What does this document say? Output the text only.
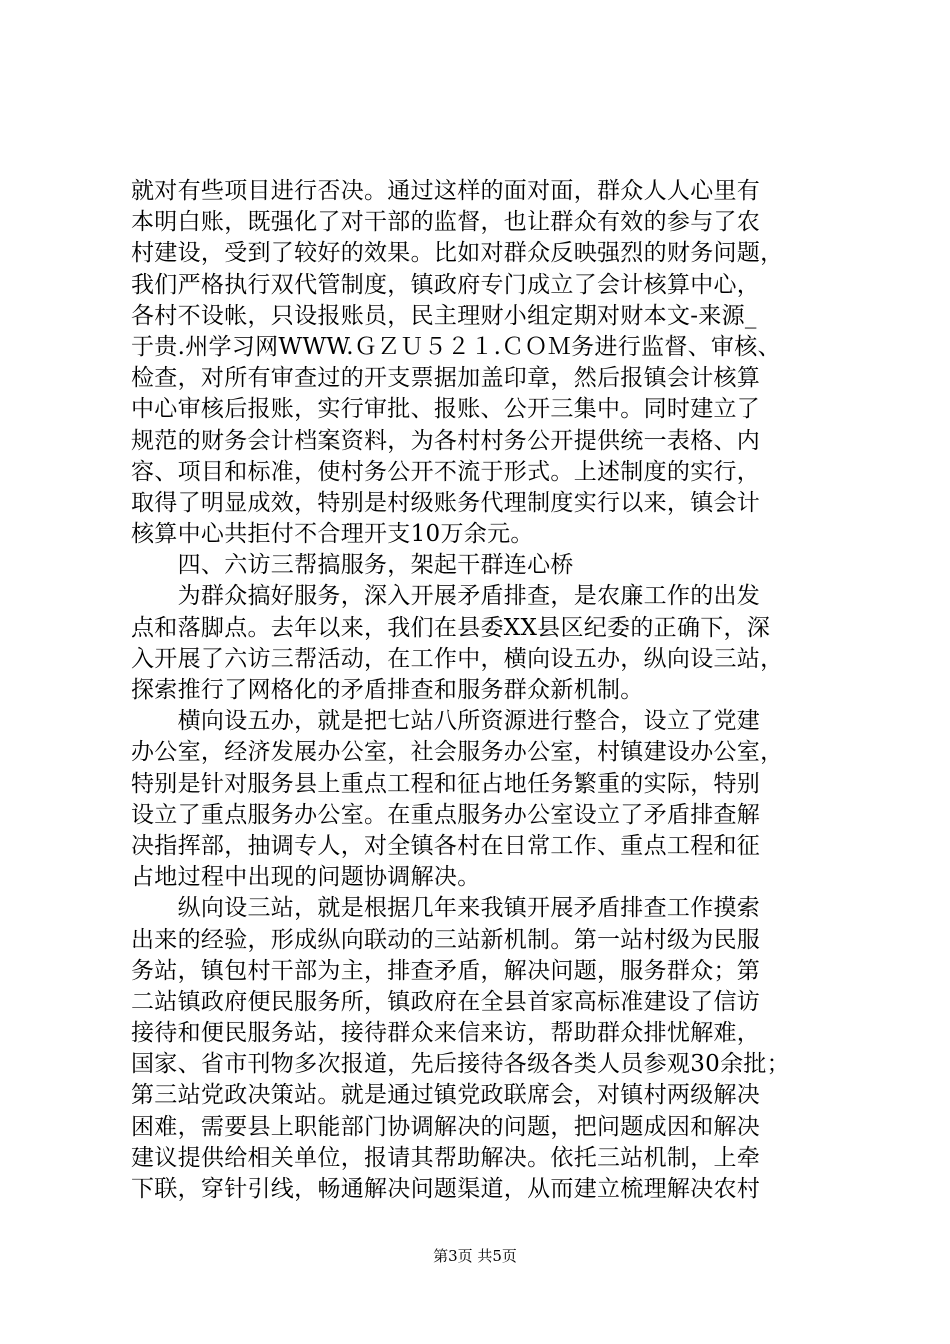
就对有些项目进行否决。通过这样的面对面，群众人人心里有
本明白账，既强化了对干部的监督，也让群众有效的参与了农
村建设，受到了较好的效果。比如对群众反映强烈的财务问题，
我们严格执行双代管制度，镇政府专门成立了会计核算中心，
各村不设帐，只设报账员，民主理财小组定期对财本文-来源_
于贵.州学习网WWW.ＧＺＵ５２１.ＣＯＭ务进行监督、审核、
检查，对所有审查过的开支票据加盖印章，然后报镇会计核算
中心审核后报账，实行审批、报账、公开三集中。同时建立了
规范的财务会计档案资料，为各村村务公开提供统一表格、内
容、项目和标准，使村务公开不流于形式。上述制度的实行，
取得了明显成效，特别是村级账务代理制度实行以来，镇会计
核算中心共拒付不合理开支10万余元。
　　四、六访三帮搞服务，架起干群连心桥
　　为群众搞好服务，深入开展矛盾排查，是农廉工作的出发
点和落脚点。去年以来，我们在县委XX县区纪委的正确下，深
入开展了六访三帮活动，在工作中，横向设五办，纵向设三站，
探索推行了网格化的矛盾排查和服务群众新机制。
　　横向设五办，就是把七站八所资源进行整合，设立了党建
办公室，经济发展办公室，社会服务办公室，村镇建设办公室，
特别是针对服务县上重点工程和征占地任务繁重的实际，特别
设立了重点服务办公室。在重点服务办公室设立了矛盾排查解
决指挥部，抽调专人，对全镇各村在日常工作、重点工程和征
占地过程中出现的问题协调解决。
　　纵向设三站，就是根据几年来我镇开展矛盾排查工作摸索
出来的经验，形成纵向联动的三站新机制。第一站村级为民服
务站，镇包村干部为主，排查矛盾，解决问题，服务群众；第
二站镇政府便民服务所，镇政府在全县首家高标准建设了信访
接待和便民服务站，接待群众来信来访，帮助群众排忧解难，
国家、省市刊物多次报道，先后接待各级各类人员参观30余批；
第三站党政决策站。就是通过镇党政联席会，对镇村两级解决
困难，需要县上职能部门协调解决的问题，把问题成因和解决
建议提供给相关单位，报请其帮助解决。依托三站机制，上牵
下联，穿针引线，畅通解决问题渠道，从而建立梳理解决农村
第3页 共5页
